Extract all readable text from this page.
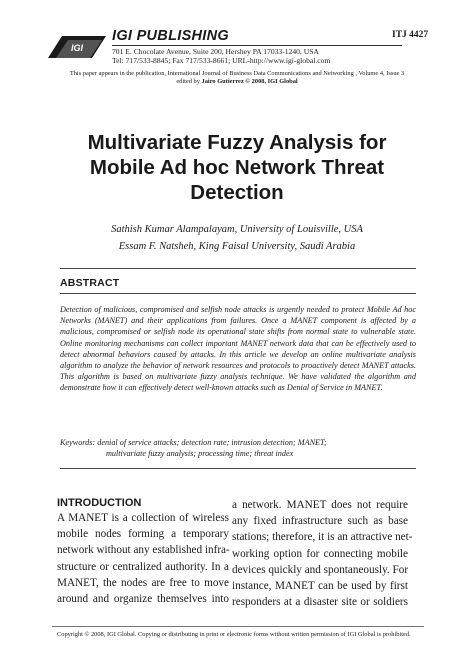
IGI
IGI PUBLISHING
701 E. Chocolate Avenue, Suite 200, Hershey PA 17033-1240, USA
Tel: 717/533-8845; Fax 717/533-8661; URL-http://www.igi-global.com
ITJ 4427
This paper appears in the publication, International Journal of Business Data Communications and Networking , Volume 4, Issue 3
edited by Jairo Gutierrez © 2008, IGI Global
Multivariate Fuzzy Analysis for
Mobile Ad hoc Network Threat
Detection
Sathish Kumar Alampalayam, University of Louisville, USA
Essam F. Natsheh, King Faisal University, Saudi Arabia
ABSTRACT
Detection of malicious, compromised and selfish node attacks is urgently needed to protect Mobile Ad hoc Networks (MANET) and their applications from failures. Once a MANET component is affected by a malicious, compromised or selfish node its operational state shifts from normal state to vulnerable state. Online monitoring mechanisms can collect important MANET network data that can be effectively used to detect abnormal behaviors caused by attacks. In this article we develop an online multivariate analysis algorithm to analyze the behavior of network resources and protocols to proactively detect MANET attacks. This algorithm is based on multivariate fuzzy analysis technique. We have validated the algorithm and demonstrate how it can effectively detect well-known attacks such as Denial of Service in MANET.
Keywords: denial of service attacks; detection rate; intrusion detection; MANET;
multivariate fuzzy analysis; processing time; threat index
INTRODUCTION
A MANET is a collection of wireless
mobile nodes forming a temporary
network without any established infra-
structure or centralized authority. In a
MANET, the nodes are free to move
around and organize themselves into
a network. MANET does not require
any fixed infrastructure such as base
stations; therefore, it is an attractive net-
working option for connecting mobile
devices quickly and spontaneously. For
instance, MANET can be used by first
responders at a disaster site or soldiers
Copyright © 2008, IGI Global. Copying or distributing in print or electronic forms without written permission of IGI Global is prohibited.
